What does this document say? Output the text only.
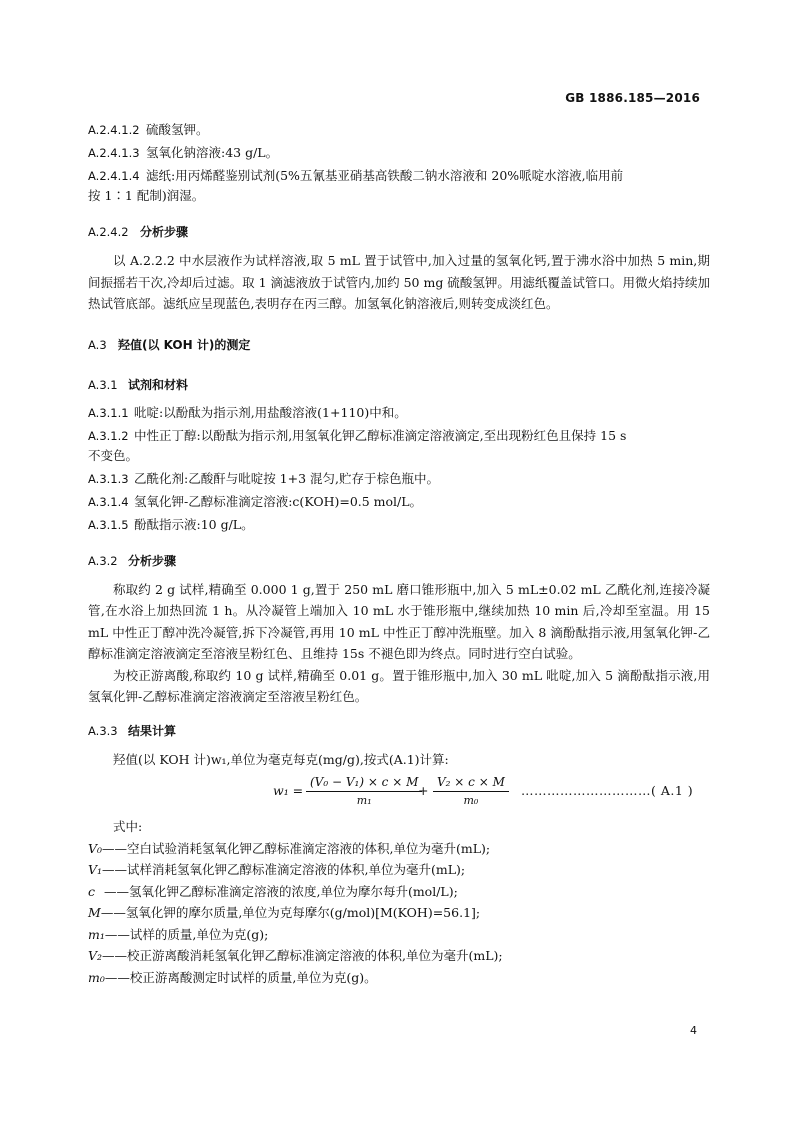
GB 1886.185—2016
A.2.4.1.2 硫酸氢钾。
A.2.4.1.3 氢氧化钠溶液:43 g/L。
A.2.4.1.4 滤纸:用丙烯醛鉴别试剂(5%五氰基亚硝基高铁酸二钠水溶液和 20%哌啶水溶液,临用前
按 1∶1 配制)润湿。
A.2.4.2 分析步骤

以 A.2.2.2 中水层液作为试样溶液,取 5 mL 置于试管中,加入过量的氢氧化钙,置于沸水浴中加热 5 min,期间振摇若干次,冷却后过滤。取 1 滴滤液放于试管内,加约 50 mg 硫酸氢钾。用滤纸覆盖试管口。用微火焰持续加热试管底部。滤纸应呈现蓝色,表明存在丙三醇。加氢氧化钠溶液后,则转变成淡红色。

A.3 羟值(以 KOH 计)的测定
A.3.1 试剂和材料
A.3.1.1 吡啶:以酚酞为指示剂,用盐酸溶液(1+110)中和。
A.3.1.2 中性正丁醇:以酚酞为指示剂,用氢氧化钾乙醇标准滴定溶液滴定,至出现粉红色且保持 15 s
不变色。
A.3.1.3 乙酰化剂:乙酸酐与吡啶按 1+3 混匀,贮存于棕色瓶中。
A.3.1.4 氢氧化钾-乙醇标准滴定溶液:c(KOH)=0.5 mol/L。
A.3.1.5 酚酞指示液:10 g/L。
A.3.2 分析步骤

称取约 2 g 试样,精确至 0.000 1 g,置于 250 mL 磨口锥形瓶中,加入 5 mL±0.02 mL 乙酰化剂,连接冷凝管,在水浴上加热回流 1 h。从冷凝管上端加入 10 mL 水于锥形瓶中,继续加热 10 min 后,冷却至室温。用 15 mL 中性正丁醇冲洗冷凝管,拆下冷凝管,再用 10 mL 中性正丁醇冲洗瓶壁。加入 8 滴酚酞指示液,用氢氧化钾-乙醇标准滴定溶液滴定至溶液呈粉红色、且维持 15s 不褪色即为终点。同时进行空白试验。

为校正游离酸,称取约 10 g 试样,精确至 0.01 g。置于锥形瓶中,加入 30 mL 吡啶,加入 5 滴酚酞指示液,用氢氧化钾-乙醇标准滴定溶液滴定至溶液呈粉红色。

A.3.3 结果计算

羟值(以 KOH 计)w₁,单位为毫克每克(mg/g),按式(A.1)计算:

$w_1 = \frac{\text{(V₀ − V₁) × c × M}}{\text{m₁}}$
+ $\frac{\text{V₂ × c × M}}{\text{m₀}}$ …………………………( A.1 )
式中:
V₀——空白试验消耗氢氧化钾乙醇标准滴定溶液的体积,单位为毫升(mL);
V₁——试样消耗氢氧化钾乙醇标准滴定溶液的体积,单位为毫升(mL);
c ——氢氧化钾乙醇标准滴定溶液的浓度,单位为摩尔每升(mol/L);
M——氢氧化钾的摩尔质量,单位为克每摩尔(g/mol)[M(KOH)=56.1];
m₁——试样的质量,单位为克(g);
V₂——校正游离酸消耗氢氧化钾乙醇标准滴定溶液的体积,单位为毫升(mL);
m₀——校正游离酸测定时试样的质量,单位为克(g)。
4
